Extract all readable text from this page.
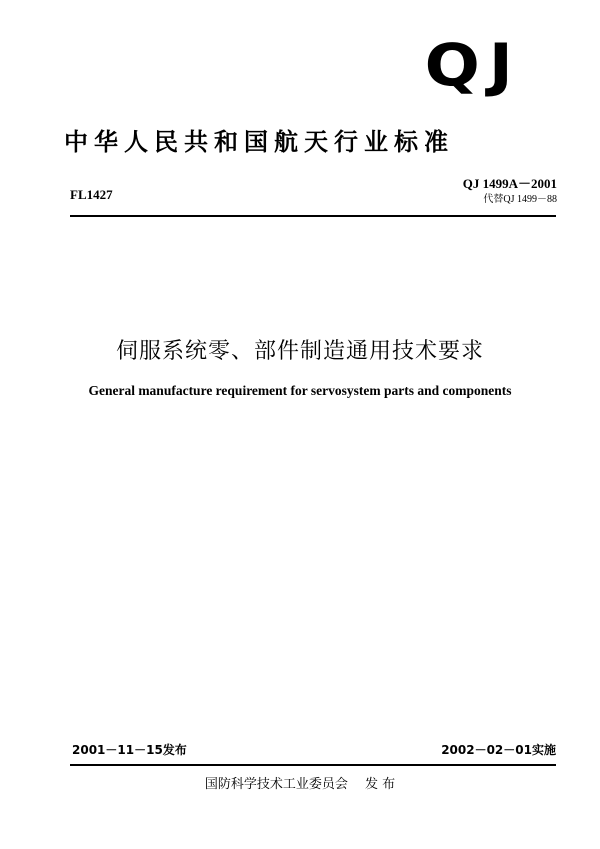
QJ
中华人民共和国航天行业标准
FL1427
QJ 1499A－2001
代替QJ 1499－88
伺服系统零、部件制造通用技术要求
General manufacture requirement for servosystem parts and components
2001－11－15发布	2002－02－01实施
国防科学技术工业委员会　 发 布
